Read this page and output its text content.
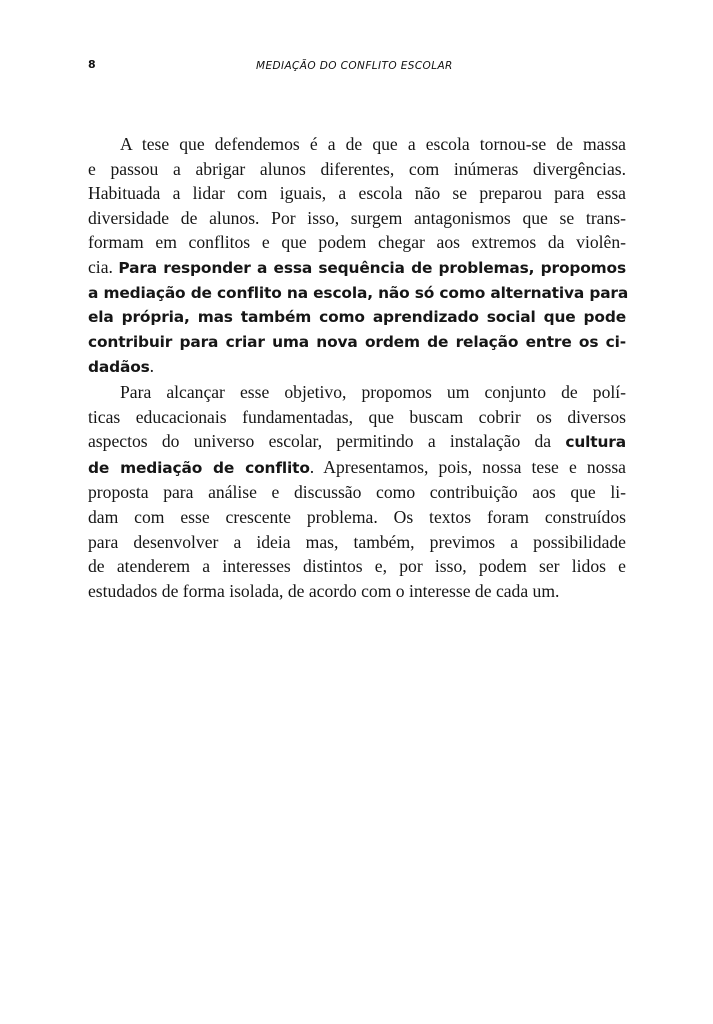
8	MEDIAÇÃO DO CONFLITO ESCOLAR
A tese que defendemos é a de que a escola tornou-se de massa
e passou a abrigar alunos diferentes, com inúmeras divergências.
Habituada a lidar com iguais, a escola não se preparou para essa
diversidade de alunos. Por isso, surgem antagonismos que se trans-
formam em conflitos e que podem chegar aos extremos da violên-
cia. Para responder a essa sequência de problemas, propomos
a mediação de conflito na escola, não só como alternativa para
ela própria, mas também como aprendizado social que pode
contribuir para criar uma nova ordem de relação entre os ci-
dadãos.
Para alcançar esse objetivo, propomos um conjunto de polí-
ticas educacionais fundamentadas, que buscam cobrir os diversos
aspectos do universo escolar, permitindo a instalação da cultura
de mediação de conflito. Apresentamos, pois, nossa tese e nossa
proposta para análise e discussão como contribuição aos que li-
dam com esse crescente problema. Os textos foram construídos
para desenvolver a ideia mas, também, previmos a possibilidade
de atenderem a interesses distintos e, por isso, podem ser lidos e
estudados de forma isolada, de acordo com o interesse de cada um.
